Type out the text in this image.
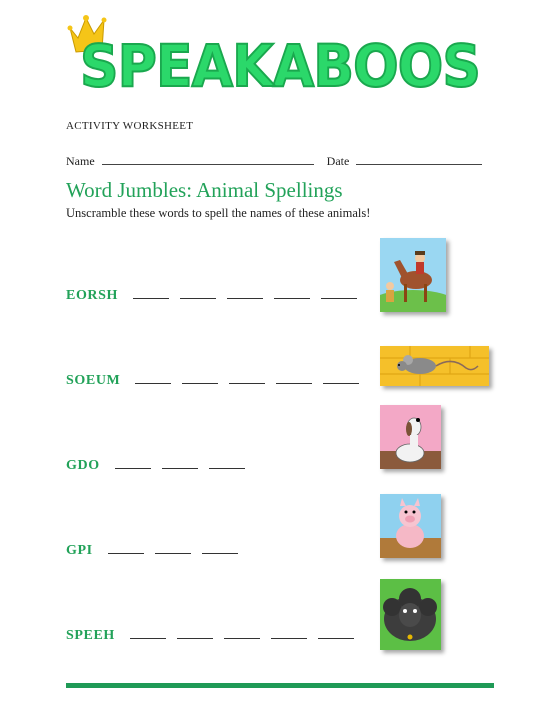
SPEAKABOOS
ACTIVITY WORKSHEET
Name	Date
Word Jumbles: Animal Spellings
Unscramble these words to spell the names of these animals!
EORSH
SOEUM
GDO
GPI
SPEEH
